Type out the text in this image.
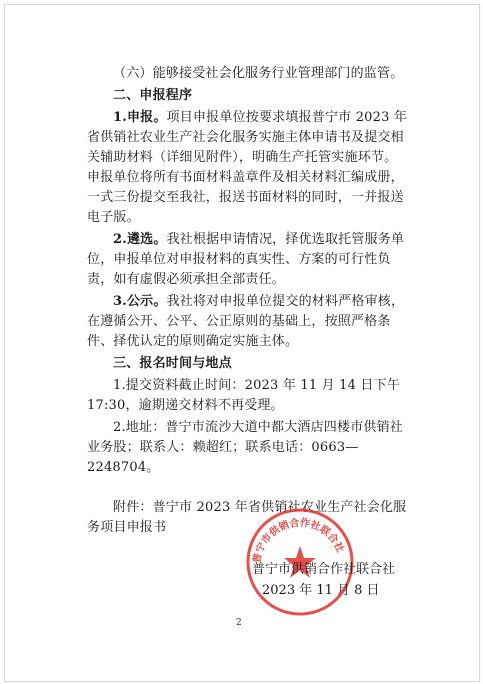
（六）能够接受社会化服务行业管理部门的监管。

二、申报程序

1.申报。项目申报单位按要求填报普宁市 2023 年省供销社农业生产社会化服务实施主体申请书及提交相关辅助材料（详细见附件），明确生产托管实施环节。申报单位将所有书面材料盖章件及相关材料汇编成册，一式三份提交至我社，报送书面材料的同时，一并报送电子版。

2.遴选。我社根据申请情况，择优选取托管服务单位，申报单位对申报材料的真实性、方案的可行性负责，如有虚假必须承担全部责任。

3.公示。我社将对申报单位提交的材料严格审核，在遵循公开、公平、公正原则的基础上，按照严格条件、择优认定的原则确定实施主体。

三、报名时间与地点

1.提交资料截止时间：2023 年 11 月 14 日下午 17:30，逾期递交材料不再受理。

2.地址：普宁市流沙大道中都大酒店四楼市供销社业务股；联系人：赖超红；联系电话：0663—2248704。

附件：普宁市 2023 年省供销社农业生产社会化服务项目申报书

普宁市供销合作社联合社
普宁市供销合作社联合社
2023 年 11 月 8 日
2
